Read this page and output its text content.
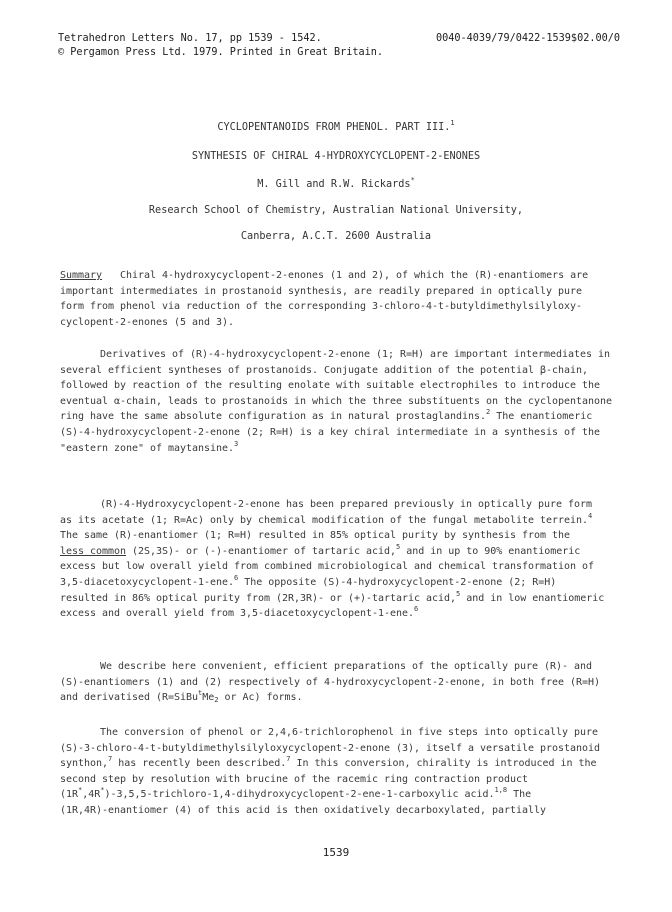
Tetrahedron Letters No. 17, pp 1539 - 1542.
© Pergamon Press Ltd. 1979. Printed in Great Britain.
0040-4039/79/0422-1539$02.00/0
CYCLOPENTANOIDS FROM PHENOL. PART III.$^1$
SYNTHESIS OF CHIRAL 4-HYDROXYCYCLOPENT-2-ENONES
M. Gill and R.W. Rickards*
Research School of Chemistry, Australian National University,
Canberra, A.C.T. 2600 Australia
Summary Chiral 4-hydroxycyclopent-2-enones (1 and 2), of which the (R)-enantiomers are
important intermediates in prostanoid synthesis, are readily prepared in optically pure
form from phenol via reduction of the corresponding 3-chloro-4-t-butyldimethylsilyloxy-
cyclopent-2-enones (5 and 3).
Derivatives of (R)-4-hydroxycyclopent-2-enone (1; R=H) are important intermediates in
several efficient syntheses of prostanoids. Conjugate addition of the potential β-chain,
followed by reaction of the resulting enolate with suitable electrophiles to introduce the
eventual α-chain, leads to prostanoids in which the three substituents on the cyclopentanone
ring have the same absolute configuration as in natural prostaglandins.$^2$ The enantiomeric
(S)-4-hydroxycyclopent-2-enone (2; R=H) is a key chiral intermediate in a synthesis of the
"eastern zone" of maytansine.$^3$
(R)-4-Hydroxycyclopent-2-enone has been prepared previously in optically pure form
as its acetate (1; R=Ac) only by chemical modification of the fungal metabolite terrein.$^4$
The same (R)-enantiomer (1; R=H) resulted in 85% optical purity by synthesis from the
less common (2S,3S)- or (-)-enantiomer of tartaric acid,$^5$ and in up to 90% enantiomeric
excess but low overall yield from combined microbiological and chemical transformation of
3,5-diacetoxycyclopent-1-ene.$^6$ The opposite (S)-4-hydroxycyclopent-2-enone (2; R=H)
resulted in 86% optical purity from (2R,3R)- or (+)-tartaric acid,$^5$ and in low enantiomeric
excess and overall yield from 3,5-diacetoxycyclopent-1-ene.$^6$
We describe here convenient, efficient preparations of the optically pure (R)- and
(S)-enantiomers (1) and (2) respectively of 4-hydroxycyclopent-2-enone, in both free (R=H)
and derivatised ($R=SiBu^tMe_2$ or Ac) forms.
The conversion of phenol or 2,4,6-trichlorophenol in five steps into optically pure
(S)-3-chloro-4-t-butyldimethylsilyloxycyclopent-2-enone (3), itself a versatile prostanoid
synthon,$^7$ has recently been described.$^7$ In this conversion, chirality is introduced in the
second step by resolution with brucine of the racemic ring contraction product
(1R*,4R*)-3,5,5-trichloro-1,4-dihydroxycyclopent-2-ene-1-carboxylic acid.$^{1,8}$ The
(1R,4R)-enantiomer (4) of this acid is then oxidatively decarboxylated, partially
1539
